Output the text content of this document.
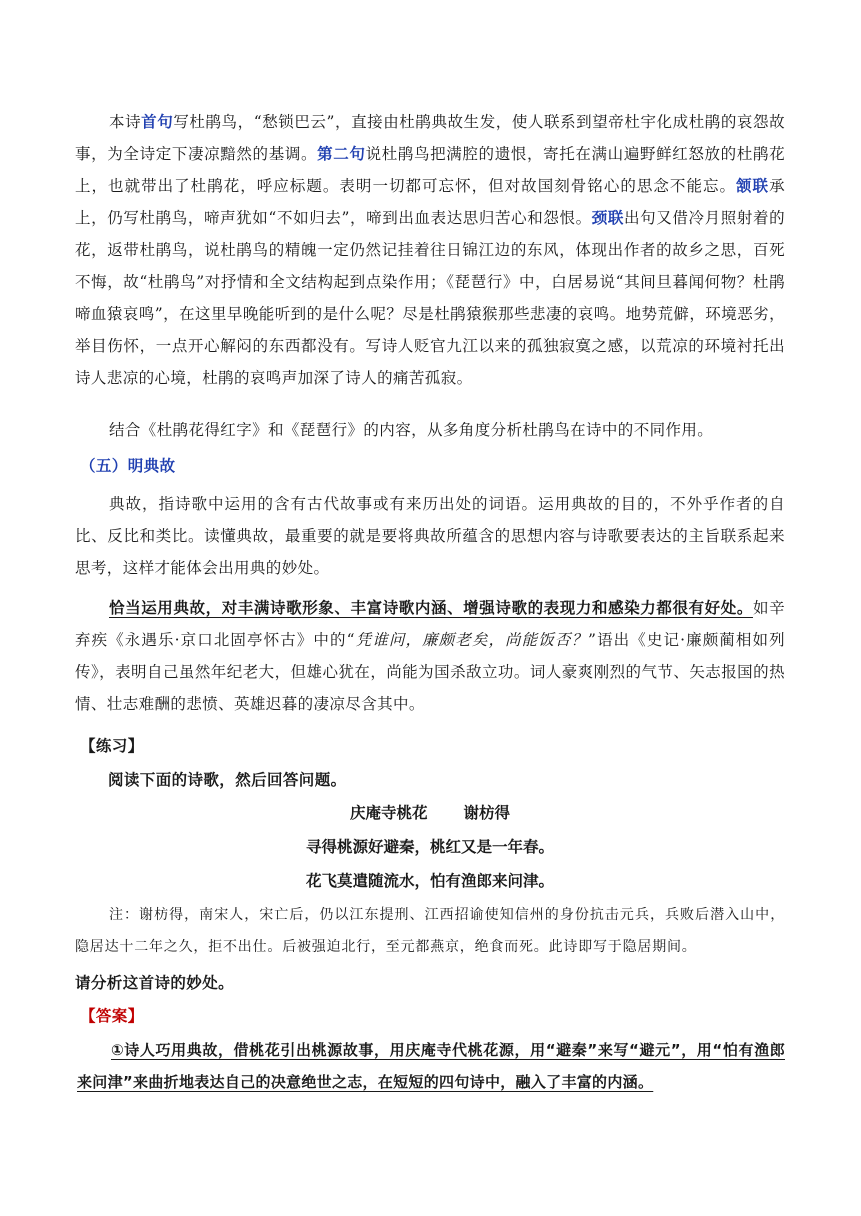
本诗首句写杜鹃鸟，“愁锁巴云”，直接由杜鹃典故生发，使人联系到望帝杜宇化成杜鹃的哀怨故事，为全诗定下凄凉黯然的基调。第二句说杜鹃鸟把满腔的遗恨，寄托在满山遍野鲜红怒放的杜鹃花上，也就带出了杜鹃花，呼应标题。表明一切都可忘怀，但对故国刻骨铭心的思念不能忘。颔联承上，仍写杜鹃鸟，啼声犹如“不如归去”，啼到出血表达思归苦心和怨恨。颈联出句又借冷月照射着的花，返带杜鹃鸟，说杜鹃鸟的精魄一定仍然记挂着往日锦江边的东风，体现出作者的故乡之思，百死不悔，故“杜鹃鸟”对抒情和全文结构起到点染作用；《琵琶行》中，白居易说“其间旦暮闻何物？杜鹃啼血猿哀鸣”，在这里早晚能听到的是什么呢？尽是杜鹃猿猴那些悲凄的哀鸣。地势荒僻，环境恶劣，举目伤怀，一点开心解闷的东西都没有。写诗人贬官九江以来的孤独寂寞之感，以荒凉的环境衬托出诗人悲凉的心境，杜鹃的哀鸣声加深了诗人的痛苦孤寂。

结合《杜鹃花得红字》和《琵琶行》的内容，从多角度分析杜鹃鸟在诗中的不同作用。

（五）明典故

典故，指诗歌中运用的含有古代故事或有来历出处的词语。运用典故的目的，不外乎作者的自比、反比和类比。读懂典故，最重要的就是要将典故所蕴含的思想内容与诗歌要表达的主旨联系起来思考，这样才能体会出用典的妙处。

恰当运用典故，对丰满诗歌形象、丰富诗歌内涵、增强诗歌的表现力和感染力都很有好处。如辛弃疾《永遇乐·京口北固亭怀古》中的“凭谁问，廉颇老矣，尚能饭否？”语出《史记·廉颇蔺相如列传》，表明自己虽然年纪老大，但雄心犹在，尚能为国杀敌立功。词人豪爽刚烈的气节、矢志报国的热情、壮志难酬的悲愤、英雄迟暮的凄凉尽含其中。

【练习】

阅读下面的诗歌，然后回答问题。

庆庵寺桃花 谢枋得

寻得桃源好避秦，桃红又是一年春。

花飞莫遣随流水，怕有渔郎来问津。

注：谢枋得，南宋人，宋亡后，仍以江东提刑、江西招谕使知信州的身份抗击元兵，兵败后潜入山中，隐居达十二年之久，拒不出仕。后被强迫北行，至元都燕京，绝食而死。此诗即写于隐居期间。

请分析这首诗的妙处。

【答案】

①诗人巧用典故，借桃花引出桃源故事，用庆庵寺代桃花源，用“避秦”来写“避元”，用“怕有渔郎来问津”来曲折地表达自己的决意绝世之志，在短短的四句诗中，融入了丰富的内涵。
